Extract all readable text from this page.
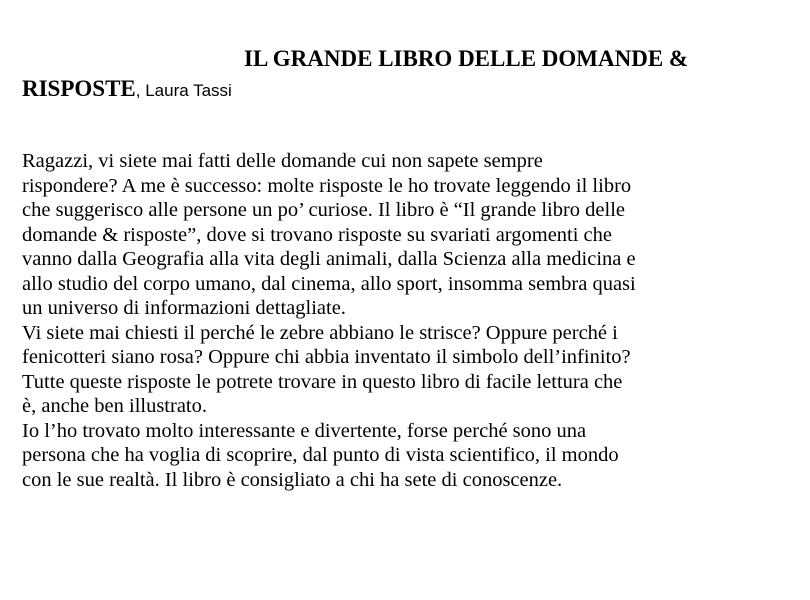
IL GRANDE LIBRO DELLE DOMANDE &
RISPOSTE, Laura Tassi
Ragazzi, vi siete mai fatti delle domande cui non sapete sempre
rispondere? A me è successo: molte risposte le ho trovate leggendo il libro
che suggerisco alle persone un po’ curiose. Il libro è “Il grande libro delle
domande & risposte”, dove si trovano risposte su svariati argomenti che
vanno dalla Geografia alla vita degli animali, dalla Scienza alla medicina e
allo studio del corpo umano, dal cinema, allo sport, insomma sembra quasi
un universo di informazioni dettagliate.
Vi siete mai chiesti il perché le zebre abbiano le strisce? Oppure perché i
fenicotteri siano rosa? Oppure chi abbia inventato il simbolo dell’infinito?
Tutte queste risposte le potrete trovare in questo libro di facile lettura che
è, anche ben illustrato.
Io l’ho trovato molto interessante e divertente, forse perché sono una
persona che ha voglia di scoprire, dal punto di vista scientifico, il mondo
con le sue realtà. Il libro è consigliato a chi ha sete di conoscenze.
